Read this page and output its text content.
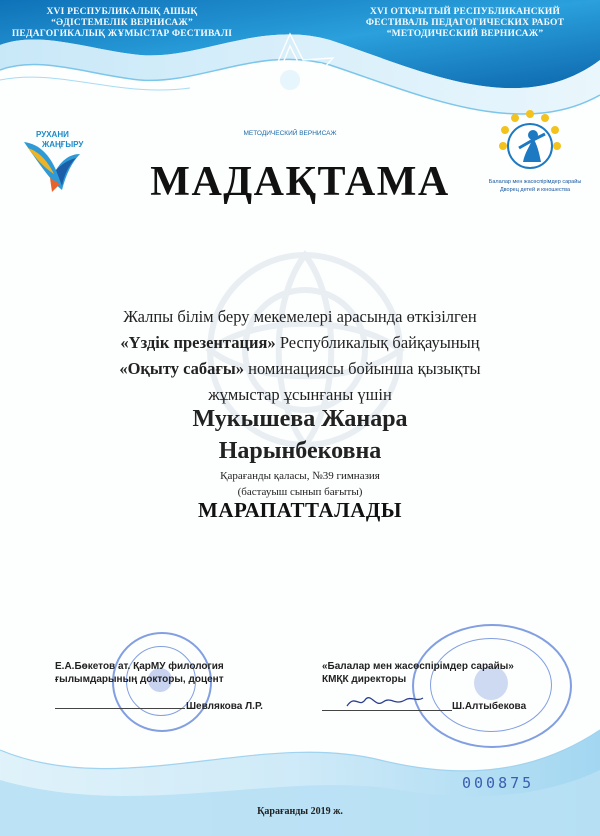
XVI РЕСПУБЛИКАЛЫҚ АШЫҚ
“ӘДІСТЕМЕЛІК ВЕРНИСАЖ”
ПЕДАГОГИКАЛЫҚ ЖҰМЫСТАР ФЕСТИВАЛІ
XVI ОТКРЫТЫЙ РЕСПУБЛИКАНСКИЙ
ФЕСТИВАЛЬ ПЕДАГОГИЧЕСКИХ РАБОТ
“МЕТОДИЧЕСКИЙ ВЕРНИСАЖ”
2018-2019
МЕТОДИЧЕСКИЙ ВЕРНИСАЖ
РУХАНИ
ЖАҢҒЫРУ
Балалар мен жасөспірімдер сарайы
Дворец детей и юношества
МАДАҚТАМА
Жалпы білім беру мекемелері арасында өткізілген
«Үздік презентация» Республикалық байқауының
«Оқыту сабағы» номинациясы бойынша қызықты
жұмыстар ұсынғаны үшін
Мукышева Жанара
Нарынбековна
Қарағанды қаласы, №39 гимназия
(бастауыш сынып бағыты)
МАРАПАТТАЛАДЫ
Е.А.Бөкетов ат. ҚарМУ филология
ғылымдарының докторы, доцент
Шевлякова Л.Р.
«Балалар мен жасөспірімдер сарайы»
КМҚК директоры
Ш.Алтыбекова
000875
Қарағанды 2019 ж.
